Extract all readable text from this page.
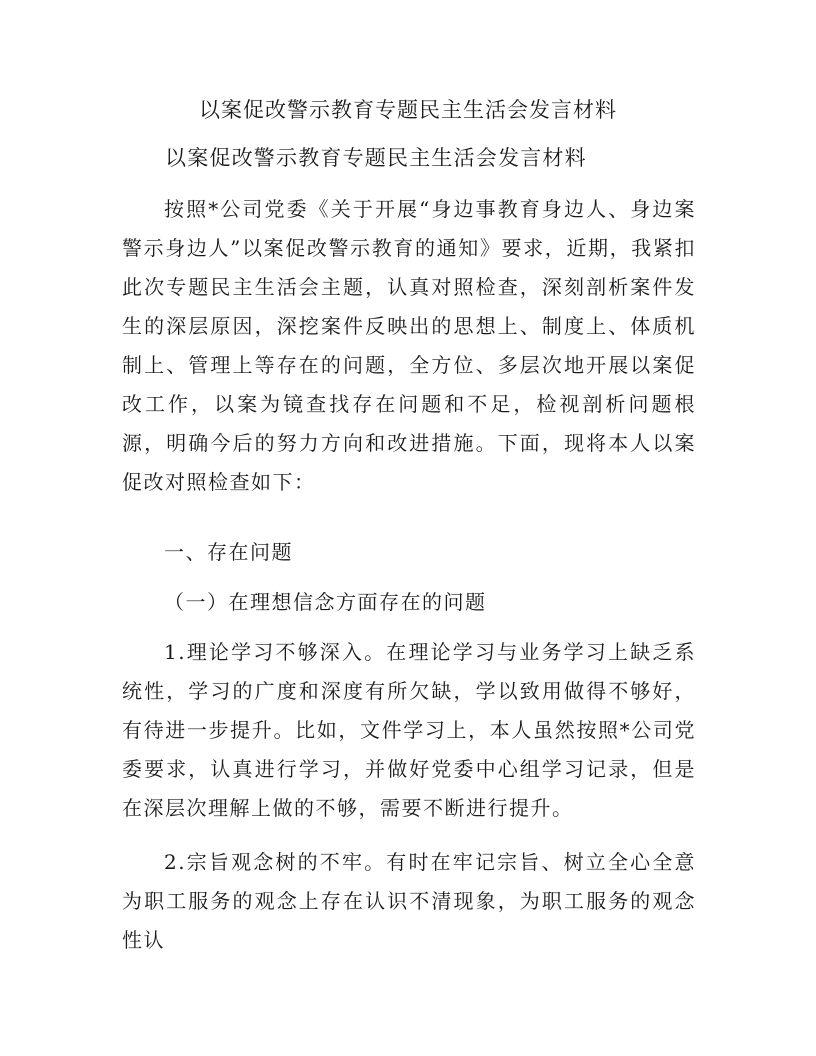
以案促改警示教育专题民主生活会发言材料

以案促改警示教育专题民主生活会发言材料

按照*公司党委《关于开展“身边事教育身边人、身边案警示身边人”以案促改警示教育的通知》要求，近期，我紧扣此次专题民主生活会主题，认真对照检查，深刻剖析案件发生的深层原因，深挖案件反映出的思想上、制度上、体质机制上、管理上等存在的问题，全方位、多层次地开展以案促改工作，以案为镜查找存在问题和不足，检视剖析问题根源，明确今后的努力方向和改进措施。下面，现将本人以案促改对照检查如下：

一、存在问题

（一）在理想信念方面存在的问题

1.理论学习不够深入。在理论学习与业务学习上缺乏系统性，学习的广度和深度有所欠缺，学以致用做得不够好，有待进一步提升。比如，文件学习上，本人虽然按照*公司党委要求，认真进行学习，并做好党委中心组学习记录，但是在深层次理解上做的不够，需要不断进行提升。

2.宗旨观念树的不牢。有时在牢记宗旨、树立全心全意为职工服务的观念上存在认识不清现象，为职工服务的观念性认
